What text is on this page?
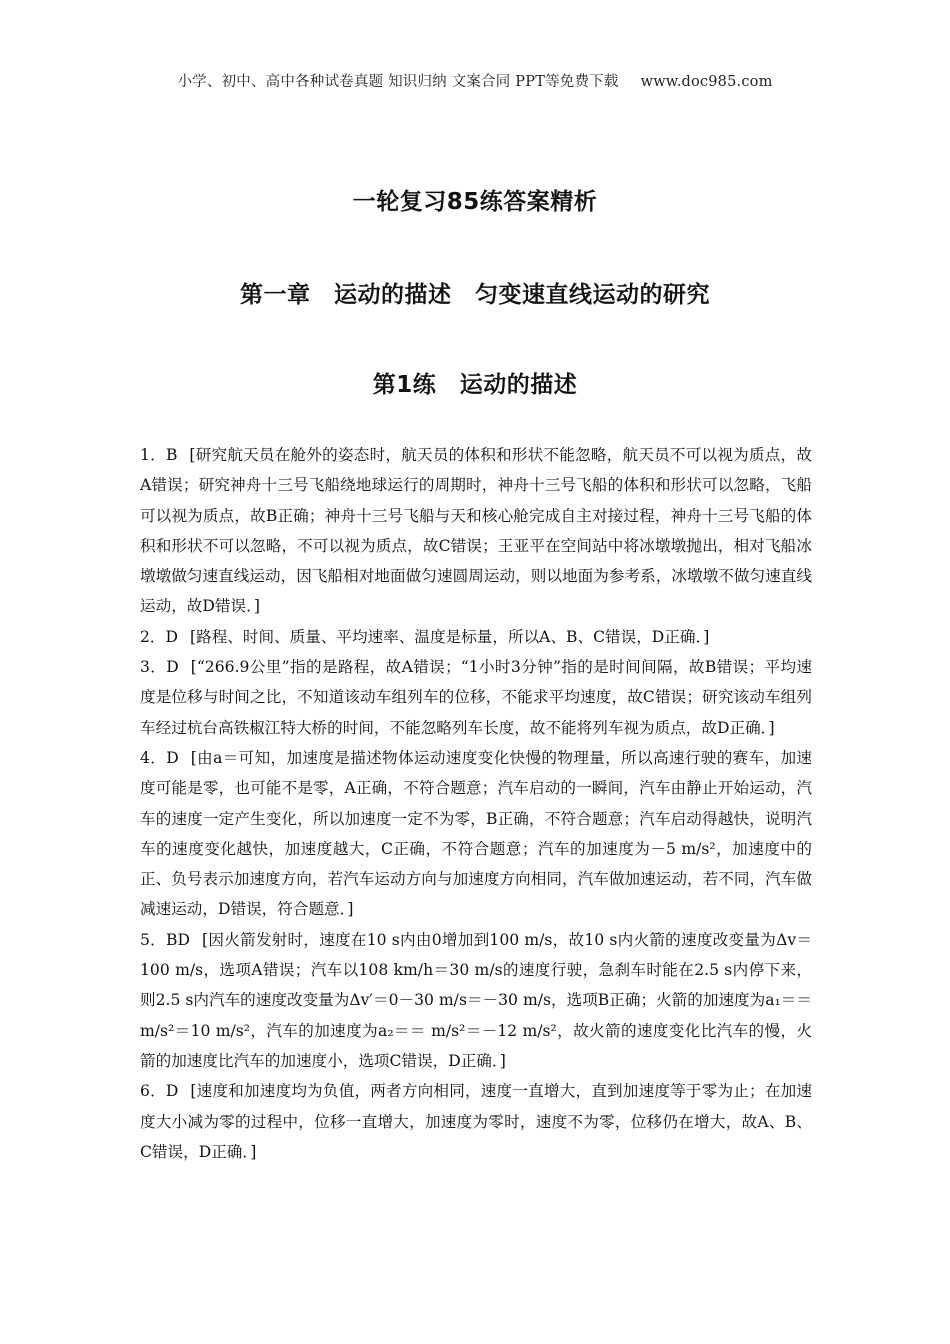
小学、初中、高中各种试卷真题 知识归纳 文案合同 PPT等免费下载 www.doc985.com
一轮复习85练答案精析
第一章　运动的描述　匀变速直线运动的研究
第1练　运动的描述

1．B [研究航天员在舱外的姿态时，航天员的体积和形状不能忽略，航天员不可以视为质点，故A错误；研究神舟十三号飞船绕地球运行的周期时，神舟十三号飞船的体积和形状可以忽略，飞船可以视为质点，故B正确；神舟十三号飞船与天和核心舱完成自主对接过程，神舟十三号飞船的体积和形状不可以忽略，不可以视为质点，故C错误；王亚平在空间站中将冰墩墩抛出，相对飞船冰墩墩做匀速直线运动，因飞船相对地面做匀速圆周运动，则以地面为参考系，冰墩墩不做匀速直线运动，故D错误．]

2．D [路程、时间、质量、平均速率、温度是标量，所以A、B、C错误，D正确．]

3．D [“266.9公里”指的是路程，故A错误；“1小时3分钟”指的是时间间隔，故B错误；平均速度是位移与时间之比，不知道该动车组列车的位移，不能求平均速度，故C错误；研究该动车组列车经过杭台高铁椒江特大桥的时间，不能忽略列车长度，故不能将列车视为质点，故D正确．]

4．D [由a＝可知，加速度是描述物体运动速度变化快慢的物理量，所以高速行驶的赛车，加速度可能是零，也可能不是零，A正确，不符合题意；汽车启动的一瞬间，汽车由静止开始运动，汽车的速度一定产生变化，所以加速度一定不为零，B正确，不符合题意；汽车启动得越快，说明汽车的速度变化越快，加速度越大，C正确，不符合题意；汽车的加速度为－5 m/s²，加速度中的正、负号表示加速度方向，若汽车运动方向与加速度方向相同，汽车做加速运动，若不同，汽车做减速运动，D错误，符合题意．]

5．BD [因火箭发射时，速度在10 s内由0增加到100 m/s，故10 s内火箭的速度改变量为Δv＝100 m/s，选项A错误；汽车以108 km/h＝30 m/s的速度行驶，急刹车时能在2.5 s内停下来，则2.5 s内汽车的速度改变量为Δv′＝0－30 m/s＝－30 m/s，选项B正确；火箭的加速度为a₁＝＝ m/s²＝10 m/s²，汽车的加速度为a₂＝＝ m/s²＝－12 m/s²，故火箭的速度变化比汽车的慢，火箭的加速度比汽车的加速度小，选项C错误，D正确．]

6．D [速度和加速度均为负值，两者方向相同，速度一直增大，直到加速度等于零为止；在加速度大小减为零的过程中，位移一直增大，加速度为零时，速度不为零，位移仍在增大，故A、B、C错误，D正确．]
